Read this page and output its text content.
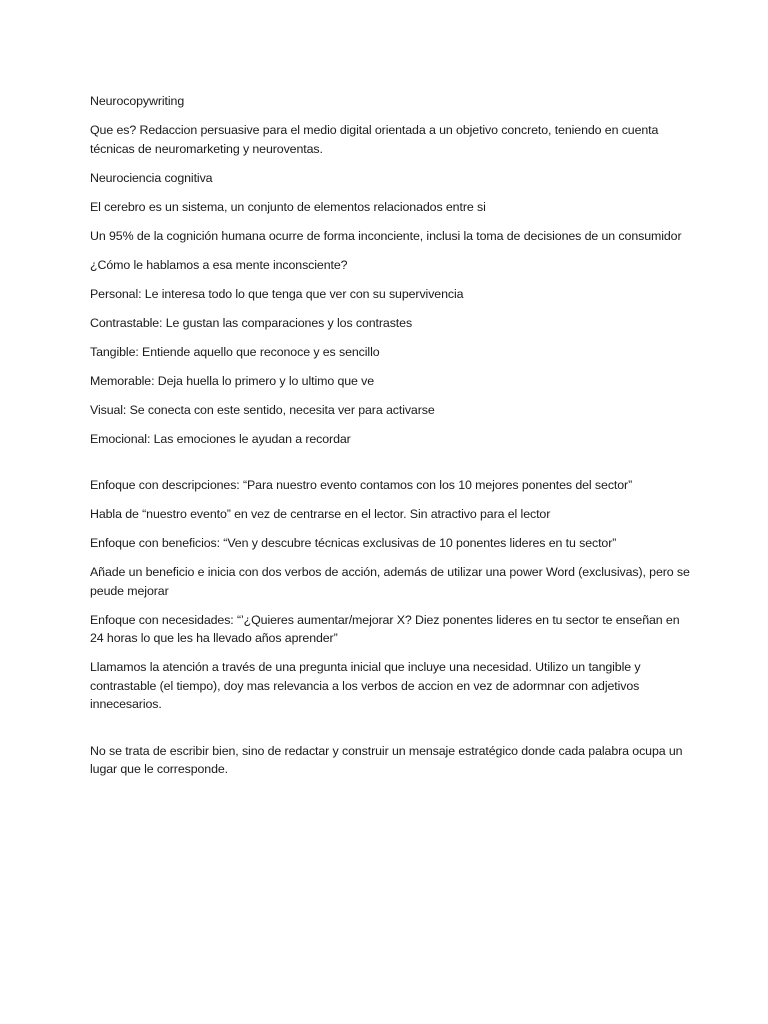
Neurocopywriting

Que es? Redaccion persuasive para el medio digital orientada a un objetivo concreto, teniendo en cuenta técnicas de neuromarketing y neuroventas.

Neurociencia cognitiva

El cerebro es un sistema, un conjunto de elementos relacionados entre si

Un 95% de la cognición humana ocurre de forma inconciente, inclusi la toma de decisiones de un consumidor

¿Cómo le hablamos a esa mente inconsciente?

Personal: Le interesa todo lo que tenga que ver con su supervivencia

Contrastable: Le gustan las comparaciones y los contrastes

Tangible: Entiende aquello que reconoce y es sencillo

Memorable: Deja huella lo primero y lo ultimo que ve

Visual: Se conecta con este sentido, necesita ver para activarse

Emocional: Las emociones le ayudan a recordar

Enfoque con descripciones: “Para nuestro evento contamos con los 10 mejores ponentes del sector”

Habla de “nuestro evento” en vez de centrarse en el lector. Sin atractivo para el lector

Enfoque con beneficios: “Ven y descubre técnicas exclusivas de 10 ponentes lideres en tu sector”

Añade un beneficio e inicia con dos verbos de acción, además de utilizar una power Word (exclusivas), pero se peude mejorar

Enfoque con necesidades: “’¿Quieres aumentar/mejorar X? Diez ponentes lideres en tu sector te enseñan en 24 horas lo que les ha llevado años aprender”

Llamamos la atención a través de una pregunta inicial que incluye una necesidad. Utilizo un tangible y contrastable (el tiempo), doy mas relevancia a los verbos de accion en vez de adormnar con adjetivos innecesarios.

No se trata de escribir bien, sino de redactar y construir un mensaje estratégico donde cada palabra ocupa un lugar que le corresponde.
